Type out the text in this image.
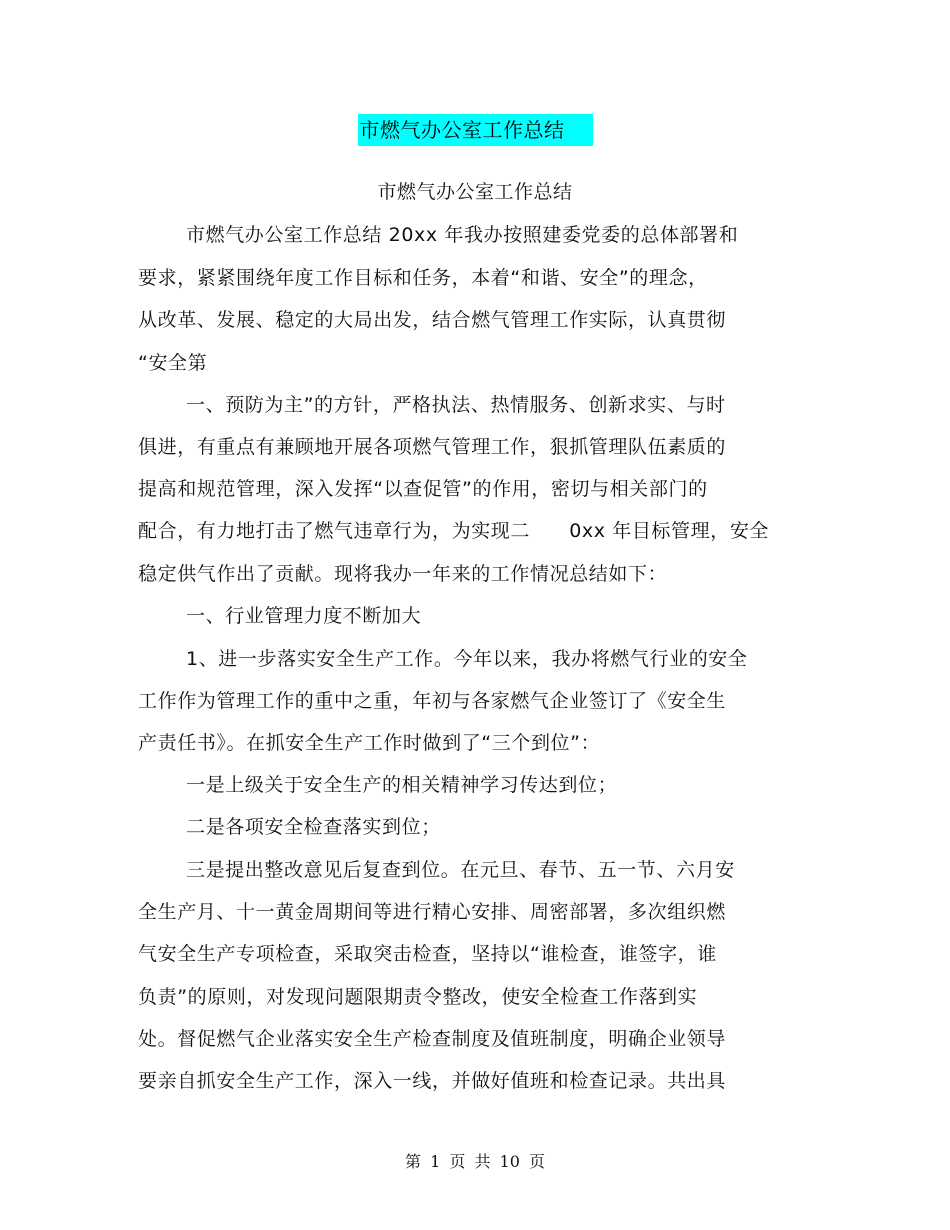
市燃气办公室工作总结
市燃气办公室工作总结
市燃气办公室工作总结 20xx 年我办按照建委党委的总体部署和
要求，紧紧围绕年度工作目标和任务，本着“和谐、安全”的理念，
从改革、发展、稳定的大局出发，结合燃气管理工作实际，认真贯彻
“安全第
一、预防为主”的方针，严格执法、热情服务、创新求实、与时
俱进，有重点有兼顾地开展各项燃气管理工作，狠抓管理队伍素质的
提高和规范管理，深入发挥“以查促管”的作用，密切与相关部门的
配合，有力地打击了燃气违章行为，为实现二　　0xx 年目标管理，安全
稳定供气作出了贡献。现将我办一年来的工作情况总结如下：
一、行业管理力度不断加大
1、进一步落实安全生产工作。今年以来，我办将燃气行业的安全
工作作为管理工作的重中之重，年初与各家燃气企业签订了《安全生
产责任书》。在抓安全生产工作时做到了“三个到位”：
一是上级关于安全生产的相关精神学习传达到位；
二是各项安全检查落实到位；
三是提出整改意见后复查到位。在元旦、春节、五一节、六月安
全生产月、十一黄金周期间等进行精心安排、周密部署，多次组织燃
气安全生产专项检查，采取突击检查，坚持以“谁检查，谁签字，谁
负责”的原则，对发现问题限期责令整改，使安全检查工作落到实
处。督促燃气企业落实安全生产检查制度及值班制度，明确企业领导
要亲自抓安全生产工作，深入一线，并做好值班和检查记录。共出具
第 1 页 共 10 页
